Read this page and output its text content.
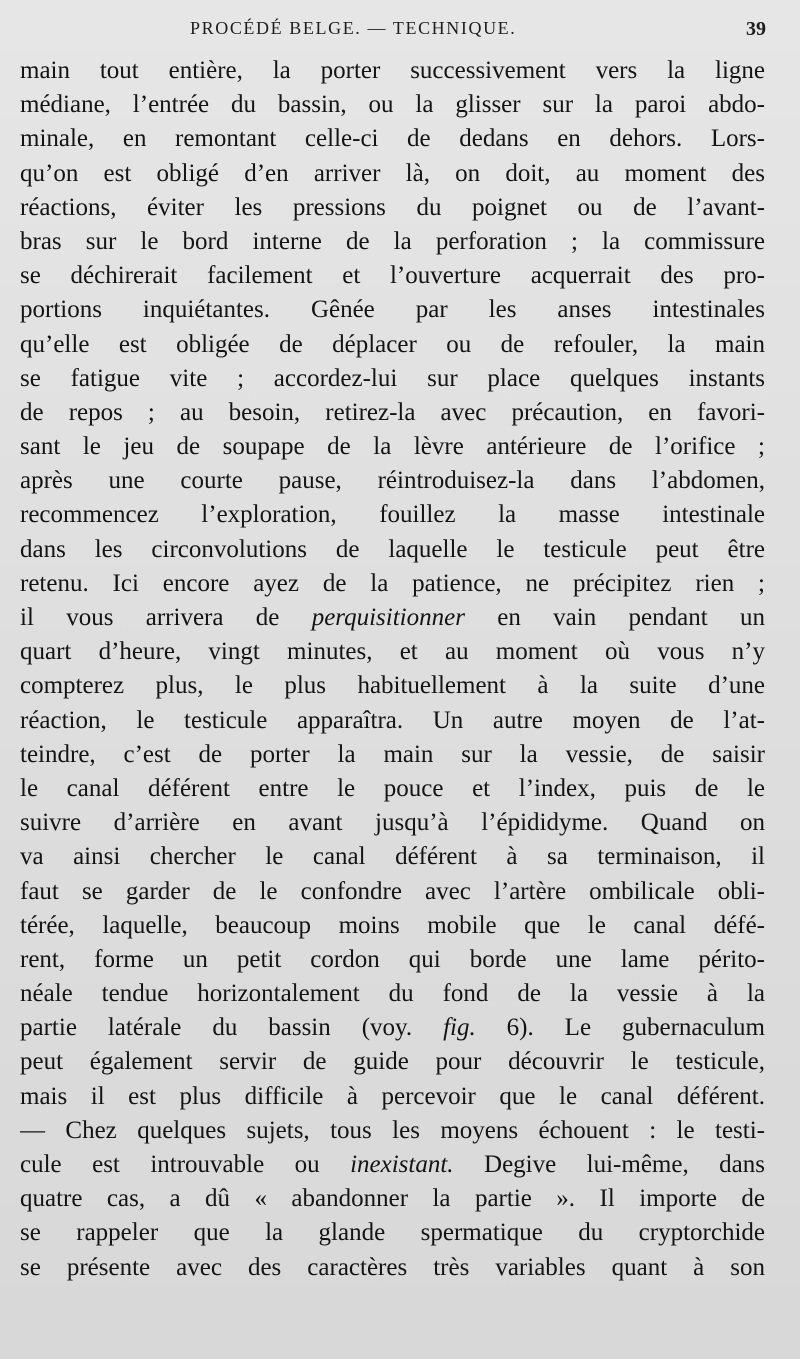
PROCÉDÉ BELGE. — TECHNIQUE.	39
main tout entière, la porter successivement vers la ligne
médiane, l’entrée du bassin, ou la glisser sur la paroi abdo-
minale, en remontant celle-ci de dedans en dehors. Lors-
qu’on est obligé d’en arriver là, on doit, au moment des
réactions, éviter les pressions du poignet ou de l’avant-
bras sur le bord interne de la perforation ; la commissure
se déchirerait facilement et l’ouverture acquerrait des pro-
portions inquiétantes. Gênée par les anses intestinales
qu’elle est obligée de déplacer ou de refouler, la main
se fatigue vite ; accordez-lui sur place quelques instants
de repos ; au besoin, retirez-la avec précaution, en favori-
sant le jeu de soupape de la lèvre antérieure de l’orifice ;
après une courte pause, réintroduisez-la dans l’abdomen,
recommencez l’exploration, fouillez la masse intestinale
dans les circonvolutions de laquelle le testicule peut être
retenu. Ici encore ayez de la patience, ne précipitez rien ;
il vous arrivera de perquisitionner en vain pendant un
quart d’heure, vingt minutes, et au moment où vous n’y
compterez plus, le plus habituellement à la suite d’une
réaction, le testicule apparaîtra. Un autre moyen de l’at-
teindre, c’est de porter la main sur la vessie, de saisir
le canal déférent entre le pouce et l’index, puis de le
suivre d’arrière en avant jusqu’à l’épididyme. Quand on
va ainsi chercher le canal déférent à sa terminaison, il
faut se garder de le confondre avec l’artère ombilicale obli-
térée, laquelle, beaucoup moins mobile que le canal défé-
rent, forme un petit cordon qui borde une lame périto-
néale tendue horizontalement du fond de la vessie à la
partie latérale du bassin (voy. fig. 6). Le gubernaculum
peut également servir de guide pour découvrir le testicule,
mais il est plus difficile à percevoir que le canal déférent.
— Chez quelques sujets, tous les moyens échouent : le testi-
cule est introuvable ou inexistant. Degive lui-même, dans
quatre cas, a dû « abandonner la partie ». Il importe de
se rappeler que la glande spermatique du cryptorchide
se présente avec des caractères très variables quant à son
